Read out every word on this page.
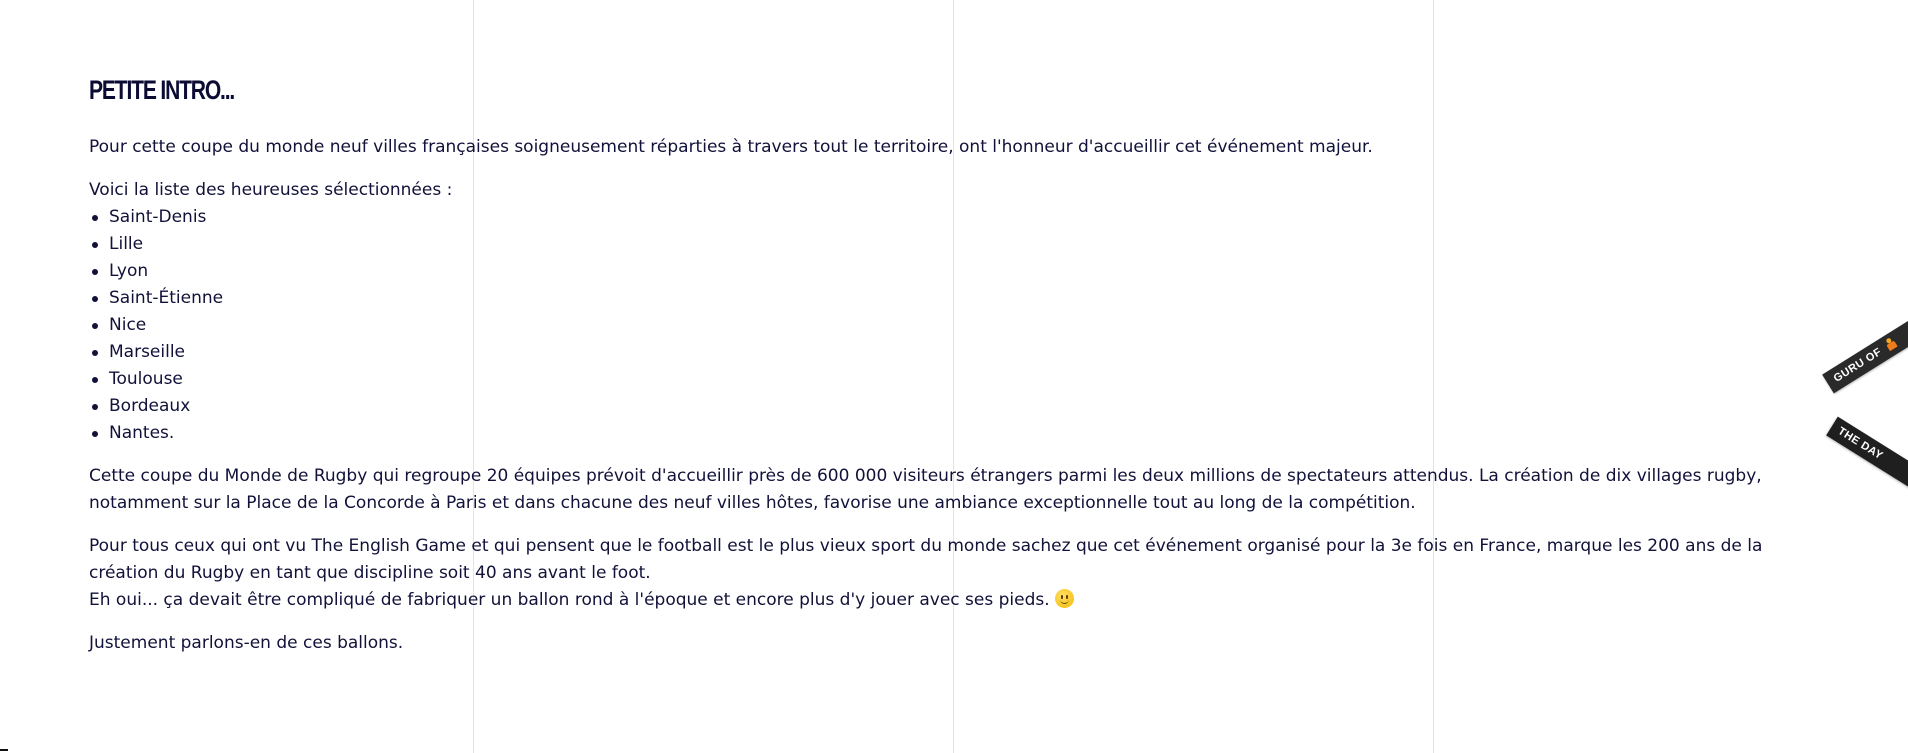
PETITE INTRO...

Pour cette coupe du monde neuf villes françaises soigneusement réparties à travers tout le territoire, ont l'honneur d'accueillir cet événement majeur.

Voici la liste des heureuses sélectionnées :

Saint-Denis
Lille
Lyon
Saint-Étienne
Nice
Marseille
Toulouse
Bordeaux
Nantes.

Cette coupe du Monde de Rugby qui regroupe 20 équipes prévoit d'accueillir près de 600 000 visiteurs étrangers parmi les deux millions de spectateurs attendus. La création de dix villages rugby, notamment sur la Place de la Concorde à Paris et dans chacune des neuf villes hôtes, favorise une ambiance exceptionnelle tout au long de la compétition.

Pour tous ceux qui ont vu The English Game et qui pensent que le football est le plus vieux sport du monde sachez que cet événement organisé pour la 3e fois en France, marque les 200 ans de la création du Rugby en tant que discipline soit 40 ans avant le foot.
Eh oui... ça devait être compliqué de fabriquer un ballon rond à l'époque et encore plus d'y jouer avec ses pieds.

Justement parlons-en de ces ballons.

GURU OF
THE DAY
